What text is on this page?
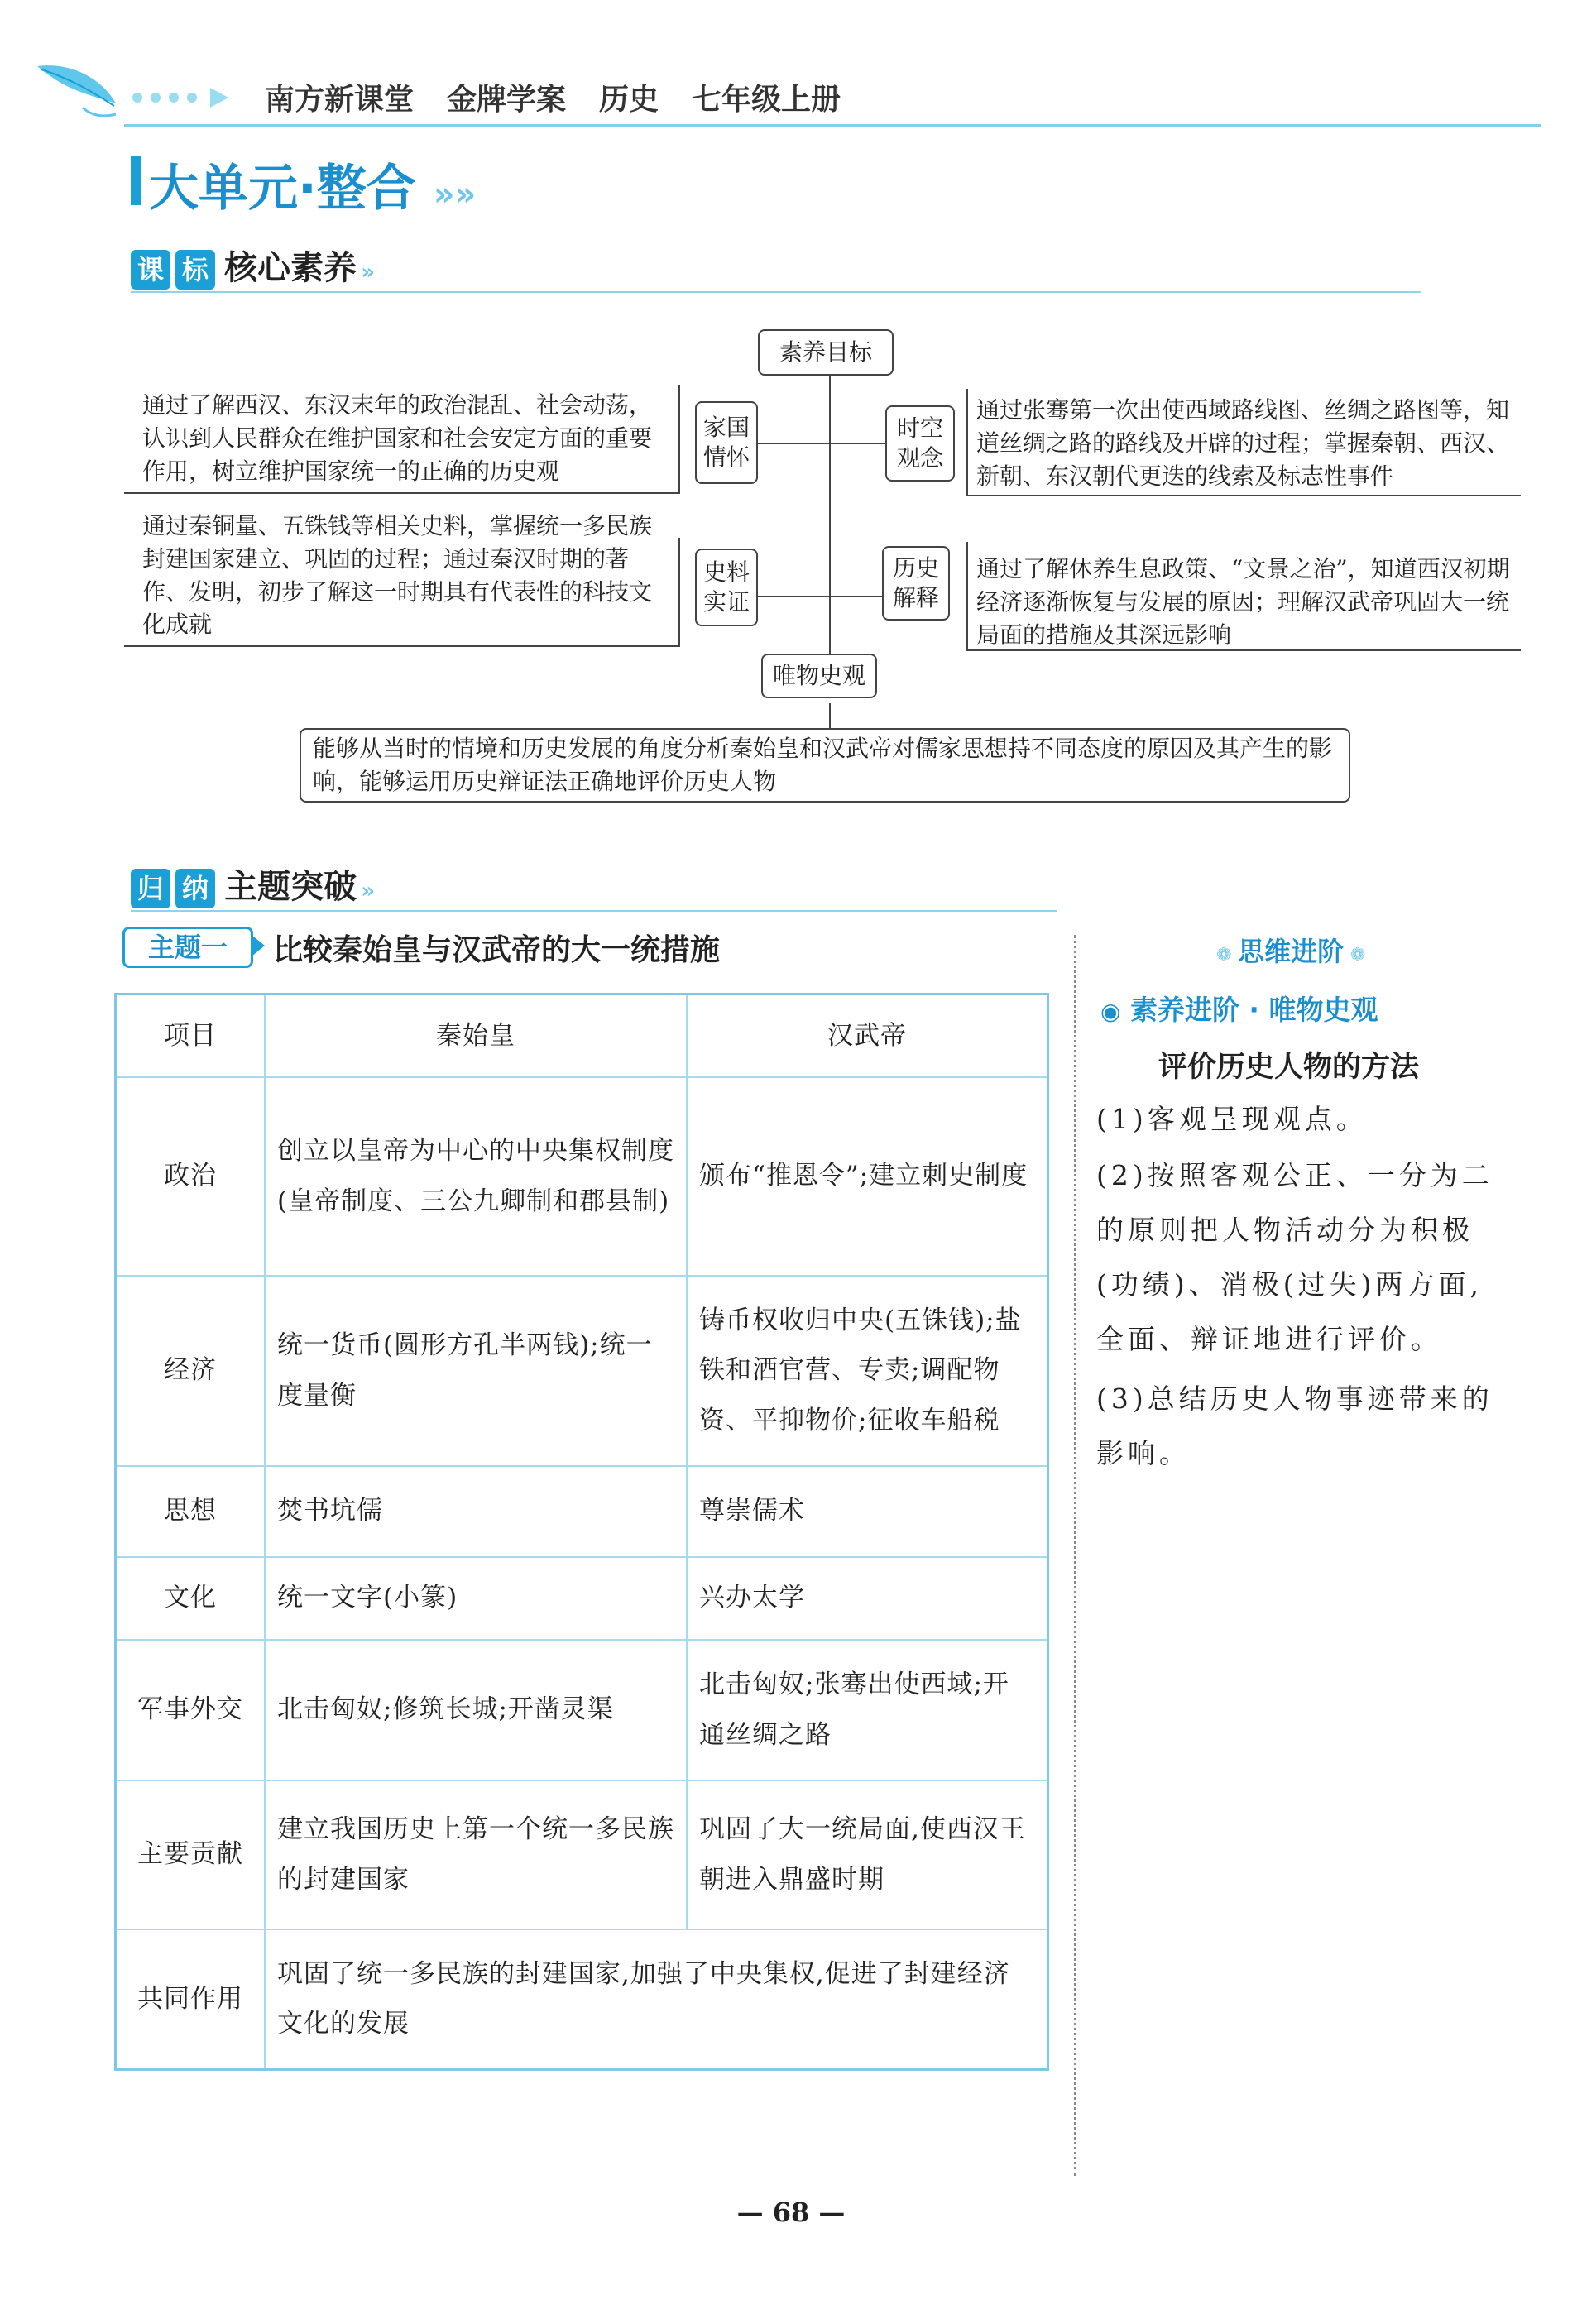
南方新课堂 金牌学案 历史 七年级上册
大单元·整合 »»
课 标 核心素养 »
素养目标
家国
情怀
时空
观念
史料
实证
历史
解释
唯物史观
通过了解西汉、东汉末年的政治混乱、社会动荡，认识到人民群众在维护国家和社会安定方面的重要作用，树立维护国家统一的正确的历史观
通过张骞第一次出使西域路线图、丝绸之路图等，知道丝绸之路的路线及开辟的过程；掌握秦朝、西汉、新朝、东汉朝代更迭的线索及标志性事件
通过秦铜量、五铢钱等相关史料，掌握统一多民族封建国家建立、巩固的过程；通过秦汉时期的著作、发明，初步了解这一时期具有代表性的科技文化成就
通过了解休养生息政策、“文景之治”，知道西汉初期经济逐渐恢复与发展的原因；理解汉武帝巩固大一统局面的措施及其深远影响
能够从当时的情境和历史发展的角度分析秦始皇和汉武帝对儒家思想持不同态度的原因及其产生的影响，能够运用历史辩证法正确地评价历史人物
归 纳 主题突破 »
主题一	比较秦始皇与汉武帝的大一统措施
项目	秦始皇	汉武帝
政治	创立以皇帝为中心的中央集权制度(皇帝制度、三公九卿制和郡县制)	颁布“推恩令”;建立刺史制度
经济	统一货币(圆形方孔半两钱);统一度量衡	铸币权收归中央(五铢钱);盐铁和酒官营、专卖;调配物资、平抑物价;征收车船税
思想	焚书坑儒	尊崇儒术
文化	统一文字(小篆)	兴办太学
军事外交	北击匈奴;修筑长城;开凿灵渠	北击匈奴;张骞出使西域;开通丝绸之路
主要贡献	建立我国历史上第一个统一多民族的封建国家	巩固了大一统局面,使西汉王朝进入鼎盛时期
共同作用	巩固了统一多民族的封建国家,加强了中央集权,促进了封建经济文化的发展	
❁ 思维进阶 ❁
◉ 素养进阶 · 唯物史观
评价历史人物的方法
(1)客观呈现观点。
(2)按照客观公正、一分为二的原则把人物活动分为积极(功绩)、消极(过失)两方面,全面、辩证地进行评价。
(3)总结历史人物事迹带来的影响。
— 68 —
